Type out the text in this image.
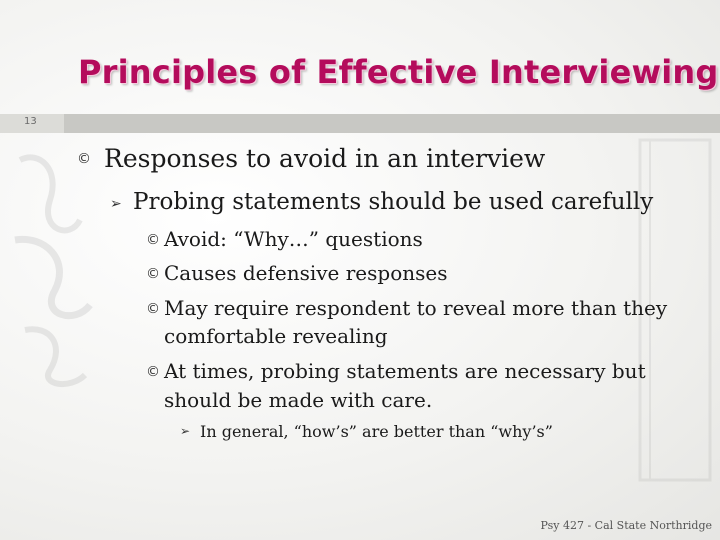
Principles of Effective Interviewing
13
© Responses to avoid in an interview
➢ Probing statements should be used carefully
© Avoid: “Why…” questions
© Causes defensive responses
© May require respondent to reveal more than they
comfortable revealing
© At times, probing statements are necessary but
should be made with care.
➢ In general, “how’s” are better than “why’s”
Psy 427 - Cal State Northridge
